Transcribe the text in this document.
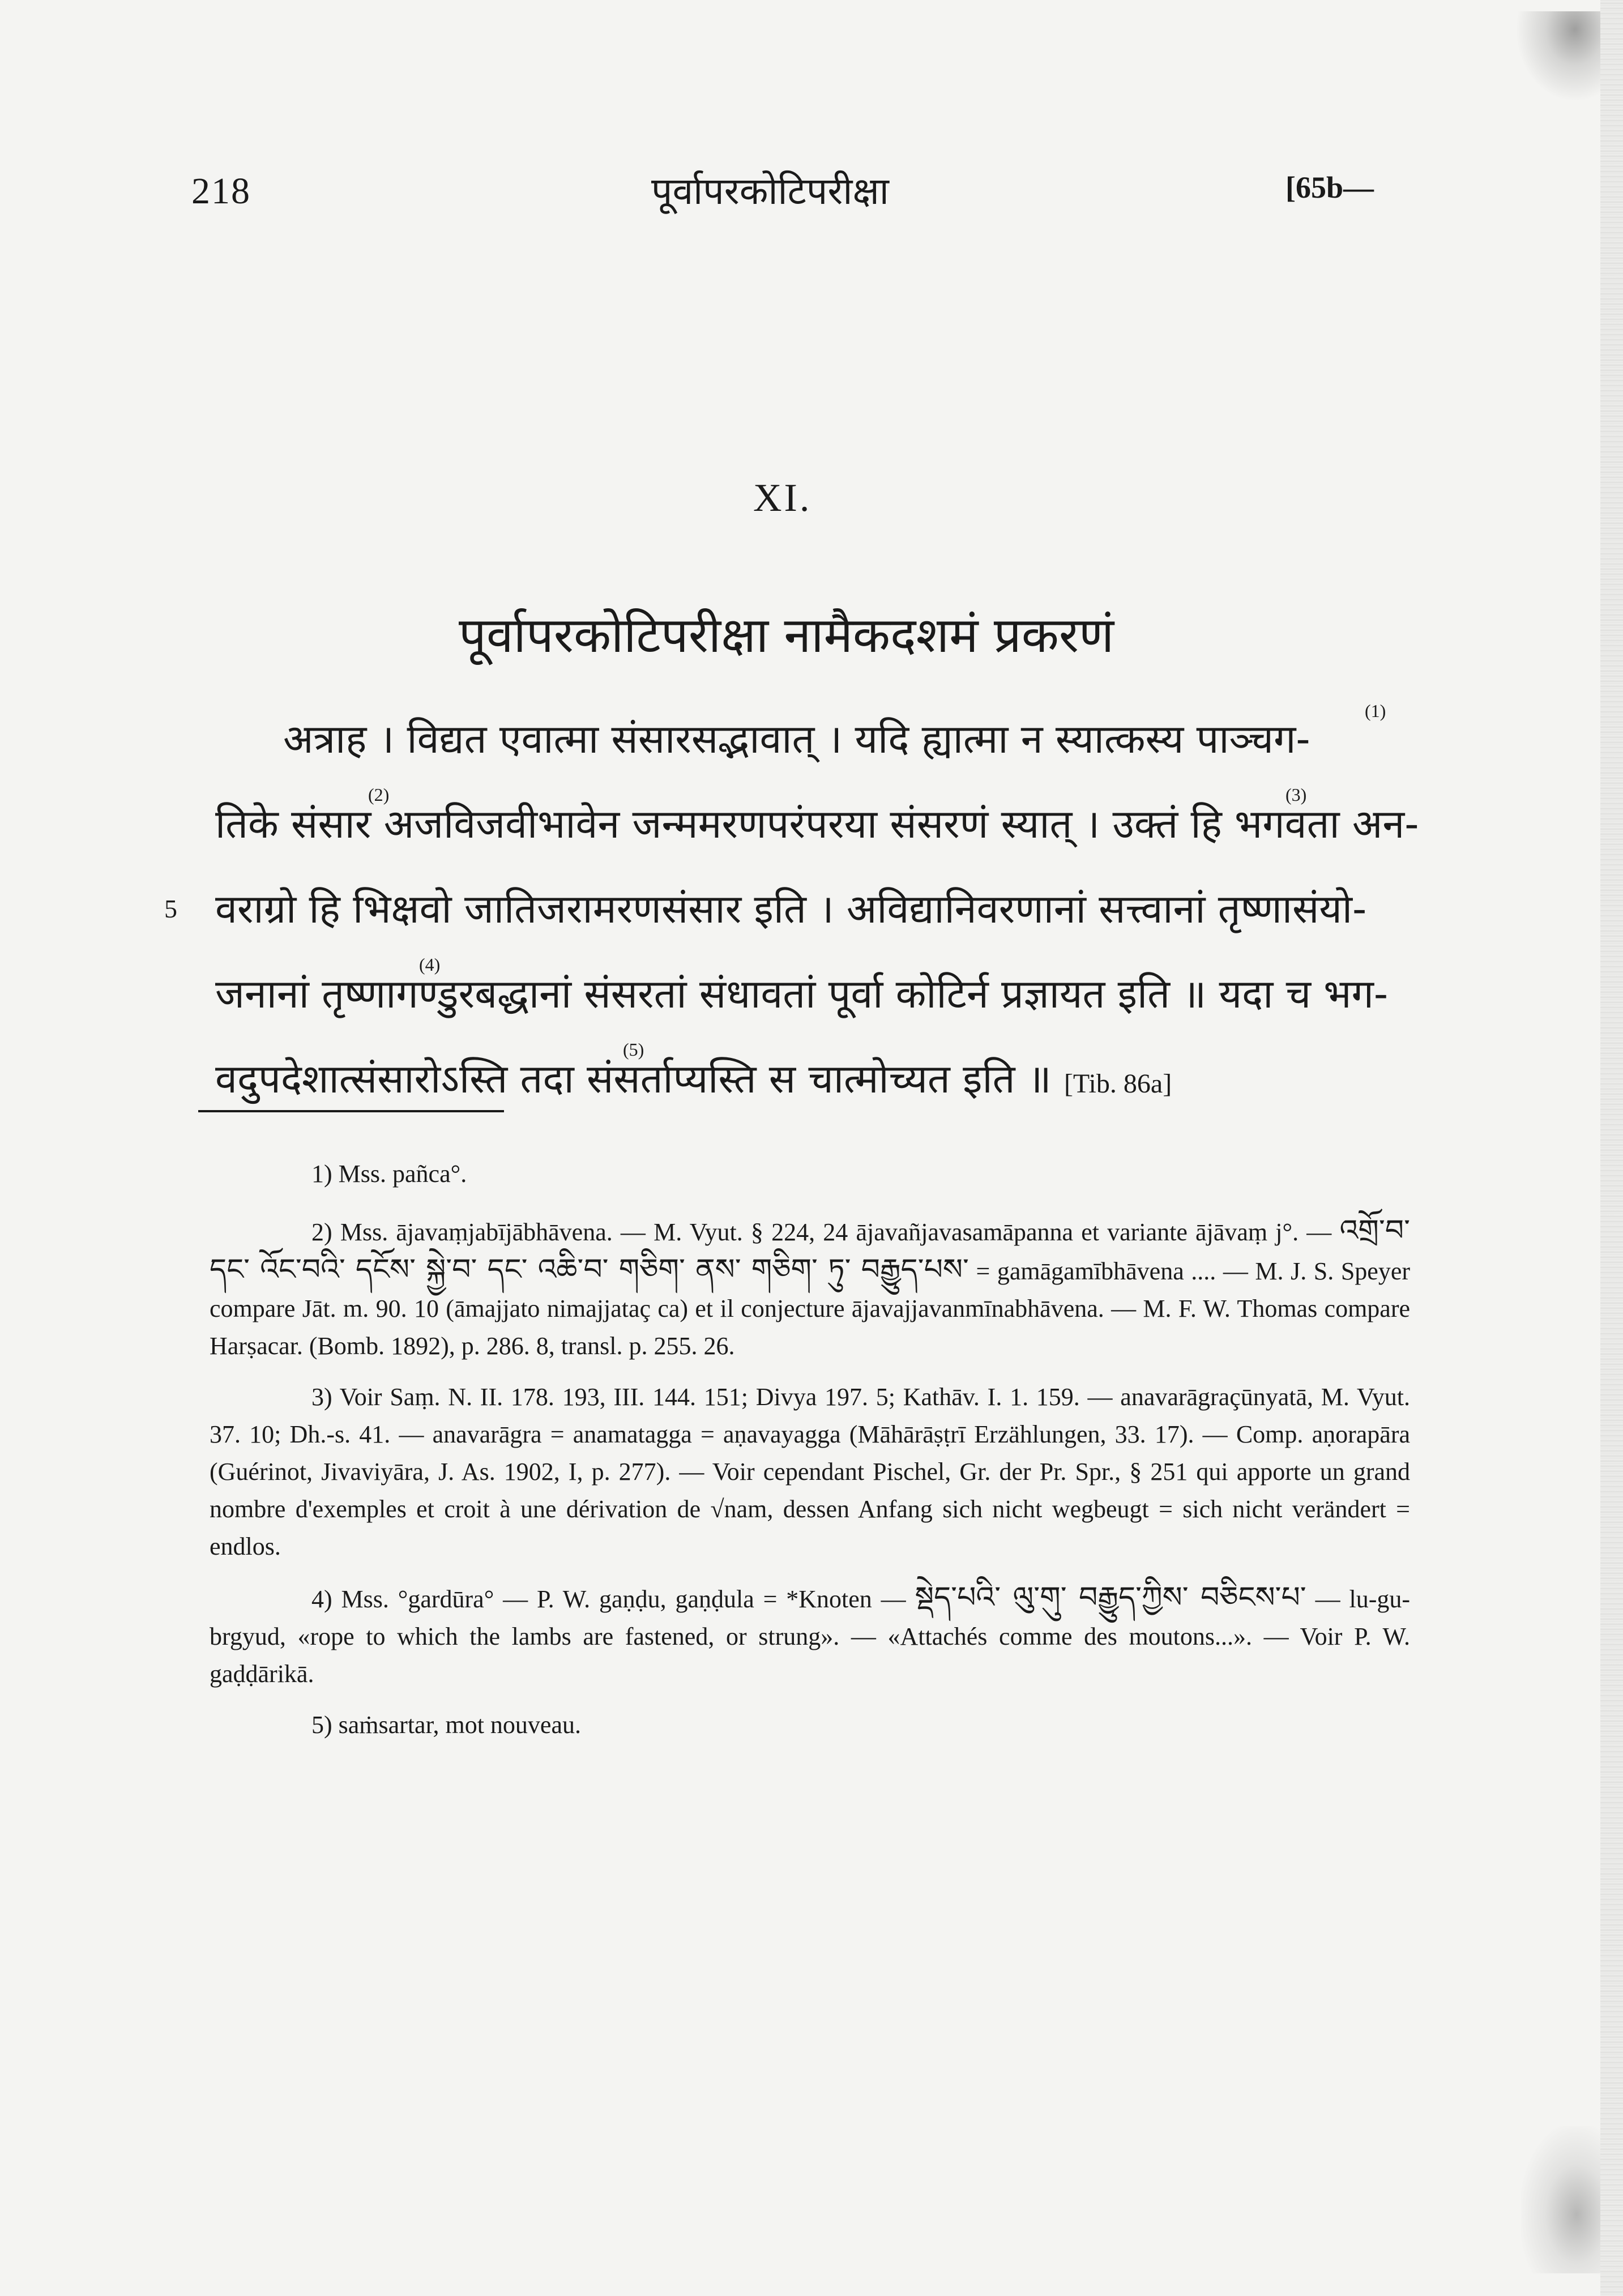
218	पूर्वापरकोटिपरीक्षा	[65b—
XI.
पूर्वापरकोटिपरीक्षा नामैकदशमं प्रकरणं
अत्राह । विद्यत एवात्मा संसारसद्भावात् । यदि ह्यात्मा न स्यात्कस्य पाञ्चग-
(1)
तिके संसार अजविजवीभावेन जन्ममरणपरंपरया संसरणं स्यात् । उक्तं हि भगवता अन-
(2)	(3)
5 वराग्रो हि भिक्षवो जातिजरामरणसंसार इति । अविद्यानिवरणानां सत्त्वानां तृष्णासंयो-
जनानां तृष्णागण्डुरबद्धानां संसरतां संधावतां पूर्वा कोटिर्न प्रज्ञायत इति ॥ यदा च भग-
(4)
वदुपदेशात्संसारोऽस्ति तदा संसर्ताप्यस्ति स चात्मोच्यत इति ॥ [Tib. 86a]
(5)

1) Mss. pañca°.

2) Mss. ājavaṃjabījābhāvena. — M. Vyut. § 224, 24 ājavañjavasamāpanna et variante ājāvaṃ j°. — འགྲོ་བ་ དང་ འོང་བའི་ དངོས་ སྐྱེ་བ་ དང་ འཆི་བ་ གཅིག་ ནས་ གཅིག་ ཏུ་ བརྒྱུད་པས་ = gamāgamībhāvena .... — M. J. S. Speyer compare Jāt. m. 90. 10 (āmajjato nimajjataç ca) et il conjecture ājavajjavanmīnabhāvena. — M. F. W. Thomas compare Harṣacar. (Bomb. 1892), p. 286. 8, transl. p. 255. 26.

3) Voir Saṃ. N. II. 178. 193, III. 144. 151; Divya 197. 5; Kathāv. I. 1. 159. — anavarāgraçūnyatā, M. Vyut. 37. 10; Dh.-s. 41. — anavarāgra = anamatagga = aṇavayagga (Māhārāṣṭrī Erzählungen, 33. 17). — Comp. aṇorapāra (Guérinot, Jivaviyāra, J. As. 1902, I, p. 277). — Voir cependant Pischel, Gr. der Pr. Spr., § 251 qui apporte un grand nombre d'exemples et croit à une dérivation de √nam, dessen Anfang sich nicht wegbeugt = sich nicht verändert = endlos.

4) Mss. °gardūra° — P. W. gaṇḍu, gaṇḍula = *Knoten — སྡེད་པའི་ ལུ་གུ་ བརྒྱུད་ཀྱིས་ བཅིངས་པ་ — lu-gu-brgyud, «rope to which the lambs are fastened, or strung». — «Attachés comme des moutons...». — Voir P. W. gaḍḍārikā.

5) saṁsartar, mot nouveau.
